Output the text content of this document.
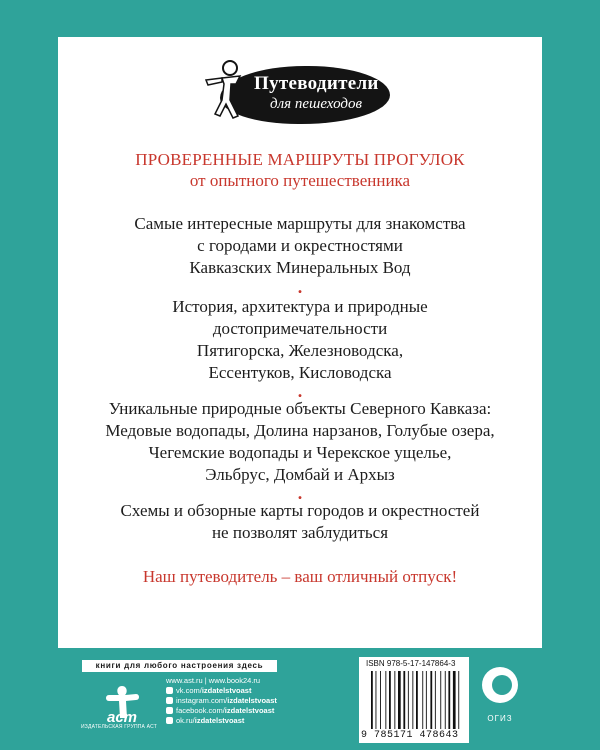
Путеводители
для пешеходов
ПРОВЕРЕННЫЕ МАРШРУТЫ ПРОГУЛОК
от опытного путешественника
Самые интересные маршруты для знакомства
с городами и окрестностями
Кавказских Минеральных Вод
.
История, архитектура и природные
достопримечательности
Пятигорска, Железноводска,
Ессентуков, Кисловодска
.
Уникальные природные объекты Северного Кавказа:
Медовые водопады, Долина нарзанов, Голубые озера,
Чегемские водопады и Черекское ущелье,
Эльбрус, Домбай и Архыз
.
Схемы и обзорные карты городов и окрестностей
не позволят заблудиться
Наш путеводитель – ваш отличный отпуск!
книги для любого настроения здесь
аст
ИЗДАТЕЛЬСКАЯ ГРУППА АСТ
www.ast.ru | www.book24.ru
vk.com/izdatelstvoast
instagram.com/izdatelstvoast
facebook.com/izdatelstvoast
ok.ru/izdatelstvoast
ISBN 978-5-17-147864-3
9 785171 478643
ОГИЗ
